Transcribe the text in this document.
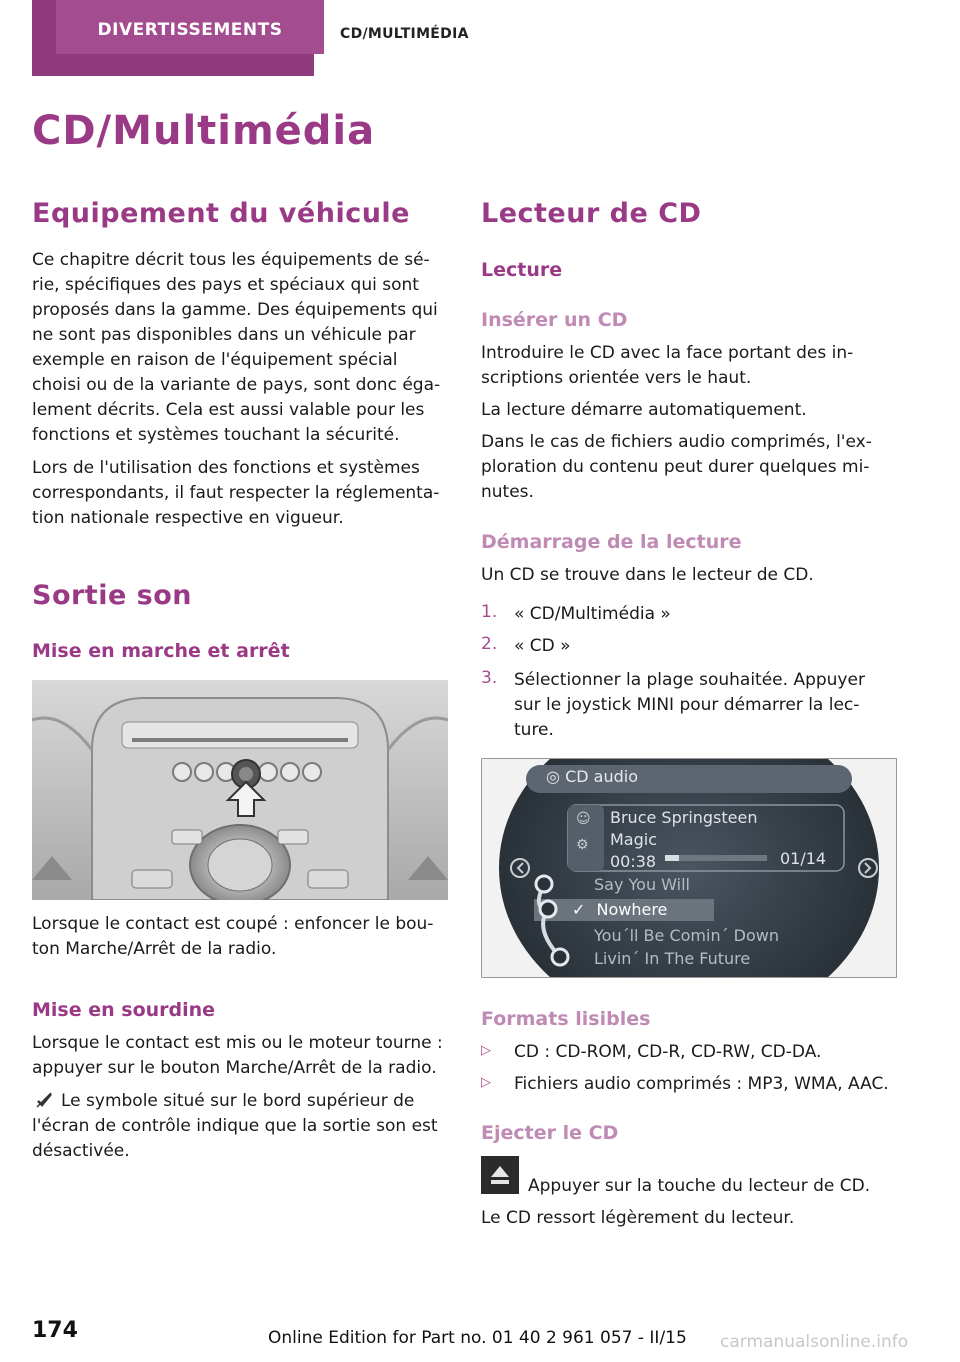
DIVERTISSEMENTS	CD/MULTIMÉDIA
CD/Multimédia
Equipement du véhicule
Ce chapitre décrit tous les équipements de sé‐
rie, spécifiques des pays et spéciaux qui sont
proposés dans la gamme. Des équipements qui
ne sont pas disponibles dans un véhicule par
exemple en raison de l'équipement spécial
choisi ou de la variante de pays, sont donc éga‐
lement décrits. Cela est aussi valable pour les
fonctions et systèmes touchant la sécurité.
Lors de l'utilisation des fonctions et systèmes
correspondants, il faut respecter la réglementa‐
tion nationale respective en vigueur.
Sortie son
Mise en marche et arrêt
Lorsque le contact est coupé : enfoncer le bou‐
ton Marche/Arrêt de la radio.
Mise en sourdine
Lorsque le contact est mis ou le moteur tourne :
appuyer sur le bouton Marche/Arrêt de la radio.
Le symbole situé sur le bord supérieur de
l'écran de contrôle indique que la sortie son est
désactivée.
Lecteur de CD
Lecture
Insérer un CD
Introduire le CD avec la face portant des in‐
scriptions orientée vers le haut.
La lecture démarre automatiquement.
Dans le cas de fichiers audio comprimés, l'ex‐
ploration du contenu peut durer quelques mi‐
nutes.
Démarrage de la lecture
Un CD se trouve dans le lecteur de CD.
1. « CD/Multimédia »
2. « CD »
3. Sélectionner la plage souhaitée. Appuyer
sur le joystick MINI pour démarrer la lec‐
ture.
◎ CD audio
☺
⚙
Bruce Springsteen
Magic
00:38	01/14
Say You Will
✓ Nowhere
You´ll Be Comin´ Down
Livin´ In The Future
Formats lisibles
▷ CD : CD-ROM, CD-R, CD-RW, CD-DA.
▷ Fichiers audio comprimés : MP3, WMA, AAC.
Ejecter le CD
Appuyer sur la touche du lecteur de CD.
Le CD ressort légèrement du lecteur.
174	Online Edition for Part no. 01 40 2 961 057 - II/15 carmanualsonline.info
